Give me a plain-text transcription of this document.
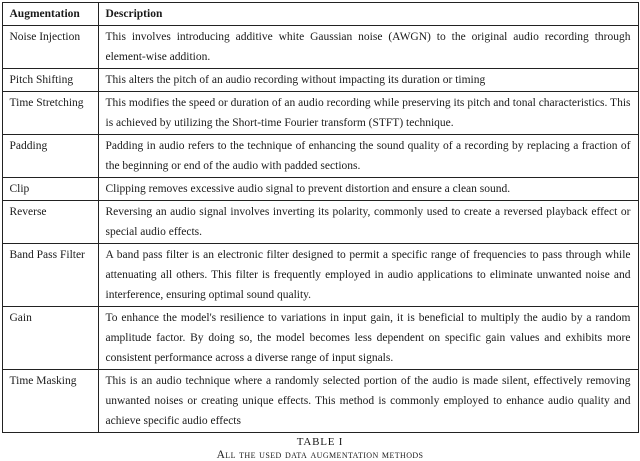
Augmentation	Description
Noise Injection	This involves introducing additive white Gaussian noise (AWGN) to the original audio recording through element-wise addition.
Pitch Shifting	This alters the pitch of an audio recording without impacting its duration or timing
Time Stretching	This modifies the speed or duration of an audio recording while preserving its pitch and tonal characteristics. This is achieved by utilizing the Short-time Fourier transform (STFT) technique.
Padding	Padding in audio refers to the technique of enhancing the sound quality of a recording by replacing a fraction of the beginning or end of the audio with padded sections.
Clip	Clipping removes excessive audio signal to prevent distortion and ensure a clean sound.
Reverse	Reversing an audio signal involves inverting its polarity, commonly used to create a reversed playback effect or special audio effects.
Band Pass Filter	A band pass filter is an electronic filter designed to permit a specific range of frequencies to pass through while attenuating all others. This filter is frequently employed in audio applications to eliminate unwanted noise and interference, ensuring optimal sound quality.
Gain	To enhance the model's resilience to variations in input gain, it is beneficial to multiply the audio by a random amplitude factor. By doing so, the model becomes less dependent on specific gain values and exhibits more consistent performance across a diverse range of input signals.
Time Masking	This is an audio technique where a randomly selected portion of the audio is made silent, effectively removing unwanted noises or creating unique effects. This method is commonly employed to enhance audio quality and achieve specific audio effects
TABLE I
All the used data augmentation methods
